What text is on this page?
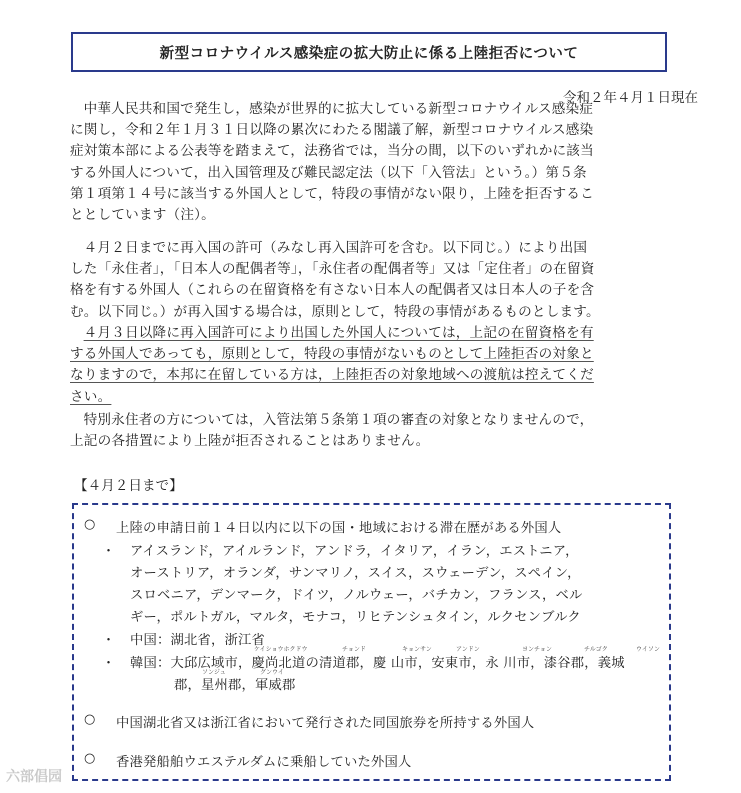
新型コロナウイルス感染症の拡大防止に係る上陸拒否について
令和２年４月１日現在
中華人民共和国で発生し，感染が世界的に拡大している新型コロナウイルス感染症
に関し，令和２年１月３１日以降の累次にわたる閣議了解，新型コロナウイルス感染
症対策本部による公表等を踏まえて，法務省では，当分の間，以下のいずれかに該当
する外国人について，出入国管理及び難民認定法（以下「入管法」という。）第５条
第１項第１４号に該当する外国人として，特段の事情がない限り，上陸を拒否するこ
ととしています（注）。
４月２日までに再入国の許可（みなし再入国許可を含む。以下同じ。）により出国
した「永住者」，「日本人の配偶者等」，「永住者の配偶者等」又は「定住者」の在留資
格を有する外国人（これらの在留資格を有さない日本人の配偶者又は日本人の子を含
む。以下同じ。）が再入国する場合は，原則として，特段の事情があるものとします。
４月３日以降に再入国許可により出国した外国人については，上記の在留資格を有
する外国人であっても，原則として，特段の事情がないものとして上陸拒否の対象と
なりますので，本邦に在留している方は，上陸拒否の対象地域への渡航は控えてくだ
さい。
特別永住者の方については，入管法第５条第１項の審査の対象となりませんので，
上記の各措置により上陸が拒否されることはありません。
【４月２日まで】
○ 上陸の申請日前１４日以内に以下の国・地域における滞在歴がある外国人
・ アイスランド，アイルランド，アンドラ，イタリア，イラン，エストニア，
オーストリア，オランダ，サンマリノ，スイス，スウェーデン，スペイン，
スロベニア，デンマーク，ドイツ，ノルウェー，バチカン，フランス，ベル
ギー，ポルトガル，マルタ，モナコ，リヒテンシュタイン，ルクセンブルク
・ 中国：湖北省，浙江省
ケイショウホクドウ	チョンド	キョンサン	アンドン	ヨンチョン	チルゴク	ウイソン
・ 韓国：大邱広域市，慶尚北道の清道郡，慶 山市，安東市，永 川市，漆谷郡，義城
ソンジュ	グンウイ
郡，星州郡，軍威郡
○ 中国湖北省又は浙江省において発行された同国旅券を所持する外国人
○ 香港発船舶ウエステルダムに乗船していた外国人
六部倡园
